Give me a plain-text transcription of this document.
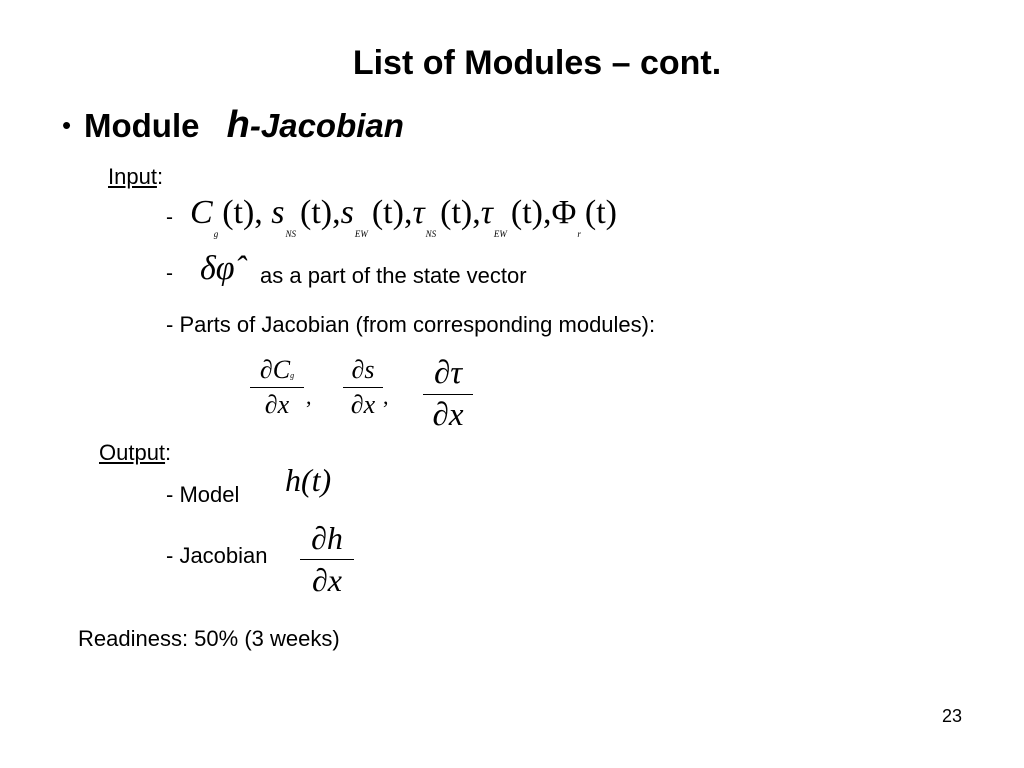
List of Modules – cont.
• Module h-Jacobian
Input:
- $C_g(t)$, $s_{NS}(t),s_{EW}(t),\tau_{NS}(t),\tau_{EW}(t),\Phi_r(t)$
- δφ̂ as a part of the state vector
- Parts of Jacobian (from corresponding modules):
∂Cg
∂x ,
∂s
∂x ,
∂τ
∂x
Output:
- Model h(t)
- Jacobian	∂h
∂x
Readiness: 50% (3 weeks)
23
